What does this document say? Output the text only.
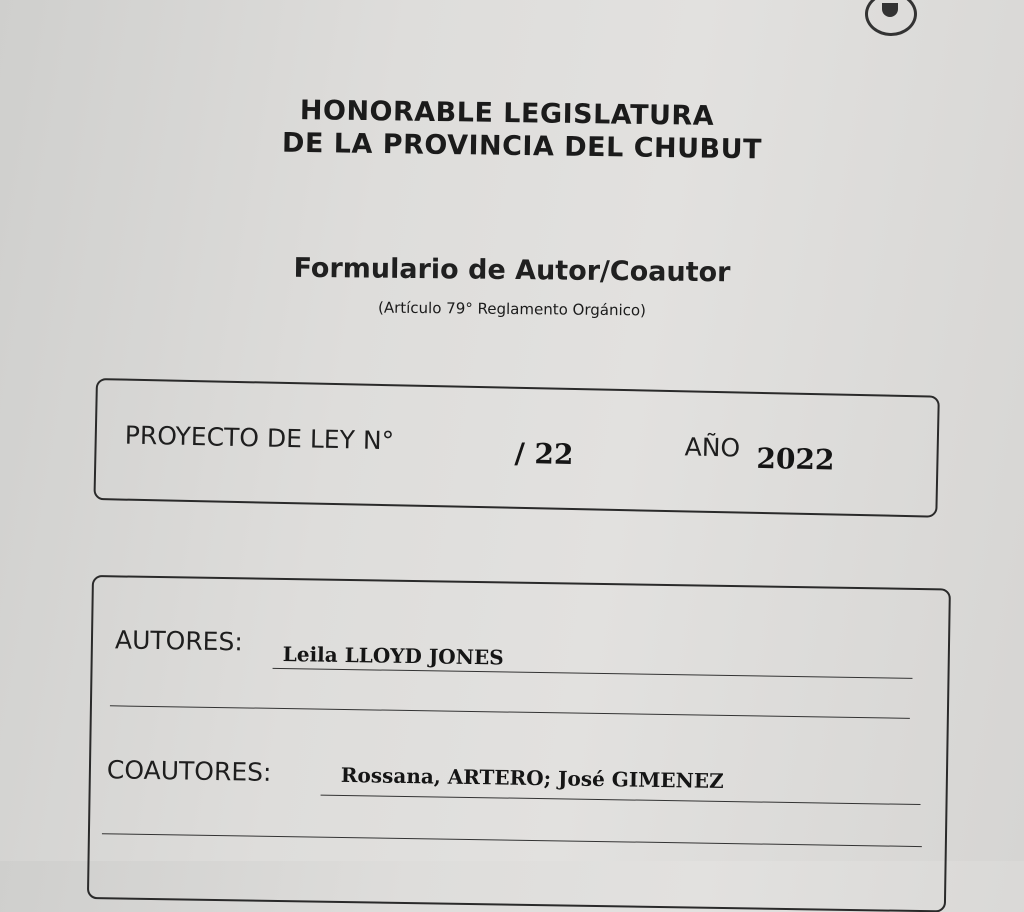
HONORABLE LEGISLATURA
DE LA PROVINCIA DEL CHUBUT
Formulario de Autor/Coautor
(Artículo 79° Reglamento Orgánico)
PROYECTO DE LEY N°	/ 22	AÑO 2022
AUTORES: Leila LLOYD JONES
COAUTORES:	Rossana, ARTERO; José GIMENEZ
